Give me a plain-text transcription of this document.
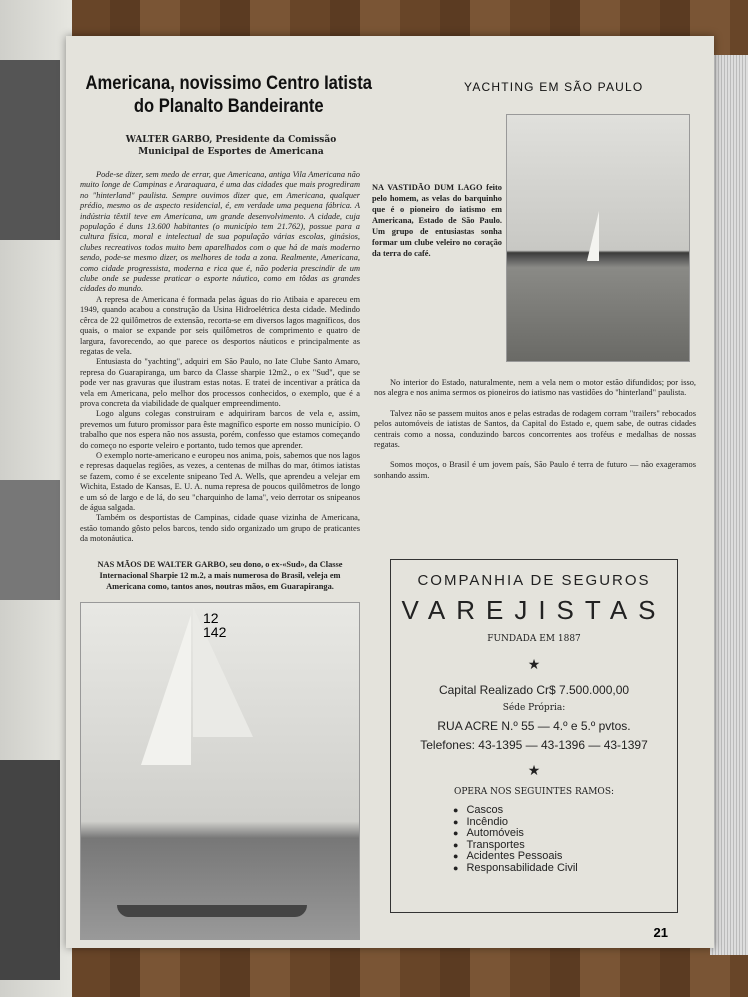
YACHTING EM SÃO PAULO
Americana, novissimo Centro Iatista do Planalto Bandeirante
WALTER GARBO, Presidente da Comissão Municipal de Esportes de Americana

Pode-se dizer, sem medo de errar, que Americana, antiga Vila Americana não muito longe de Campinas e Araraquara, é uma das cidades que mais progrediram no "hinterland" paulista. Sempre ouvimos dizer que, em Americana, qualquer prédio, mesmo os de aspecto residencial, é, em verdade uma pequena fábrica. A indústria têxtil teve em Americana, um grande desenvolvimento. A cidade, cuja população é duns 13.600 habitantes (o município tem 21.762), possue para a cultura física, moral e intelectual de sua população várias escolas, ginásios, clubes recreativos todos muito bem aparelhados com o que há de mais moderno sendo, pode-se mesmo dizer, os melhores de toda a zona. Realmente, Americana, como cidade progressista, moderna e rica que é, não poderia prescindir de um clube onde se pudesse praticar o esporte náutico, como em tôdas as grandes cidades do mundo.

A represa de Americana é formada pelas águas do rio Atibaia e apareceu em 1949, quando acabou a construção da Usina Hidroelétrica desta cidade. Medindo cêrca de 22 quilômetros de extensão, recorta-se em diversos lagos magníficos, dos quais, o maior se expande por seis quilômetros de comprimento e quatro de largura, favorecendo, ao que parece os desportos náuticos e principalmente as regatas de vela.

Entusiasta do "yachting", adquiri em São Paulo, no Iate Clube Santo Amaro, represa do Guarapiranga, um barco da Classe sharpie 12m2., o ex "Sud", que se pode ver nas gravuras que ilustram estas notas. E tratei de incentivar a prática da vela em Americana, pelo melhor dos processos conhecidos, o exemplo, que é a prova concreta da viabilidade de qualquer empreendimento.

Logo alguns colegas construiram e adquiriram barcos de vela e, assim, prevemos um futuro promissor para êste magnífico esporte em nosso município. O trabalho que nos espera não nos assusta, porém, confesso que estamos começando do começo no esporte veleiro e portanto, tudo temos que aprender.

O exemplo norte-americano e europeu nos anima, pois, sabemos que nos lagos e represas daquelas regiões, as vezes, a centenas de milhas do mar, ótimos iatistas se fazem, como é se excelente snipeano Ted A. Wells, que aprendeu a velejar em Wichita, Estado de Kansas, E. U. A. numa represa de poucos quilômetros de longo e um só de largo e de lá, do seu "charquinho de lama", veio derrotar os snipeanos de água salgada.

Também os desportistas de Campinas, cidade quase vizinha de Americana, estão tomando gôsto pelos barcos, tendo sido organizado um grupo de praticantes da motonáutica.

NAS MÃOS DE WALTER GARBO, seu dono, o ex-«Sud», da Classe Internacional Sharpie 12 m.2, a mais numerosa do Brasil, veleja em Americana como, tantos anos, noutras mãos, em Guarapiranga.
12 142
NA VASTIDÃO DUM LAGO feito pelo homem, as velas do barquinho que é o pioneiro do iatismo em Americana, Estado de São Paulo. Um grupo de entusiastas sonha formar um clube veleiro no coração da terra do café.

No interior do Estado, naturalmente, nem a vela nem o motor estão difundidos; por isso, nos alegra e nos anima sermos os pioneiros do iatismo nas vastidões do "hinterland" paulista.

Talvez não se passem muitos anos e pelas estradas de rodagem corram "trailers" rebocados pelos automóveis de iatistas de Santos, da Capital do Estado e, quem sabe, de outras cidades centrais como a nossa, conduzindo barcos concorrentes aos troféus e medalhas de nossas regatas.

Somos moços, o Brasil é um jovem país, São Paulo é terra de futuro — não exageramos sonhando assim.

COMPANHIA DE SEGUROS
VAREJISTAS
FUNDADA EM 1887
★
Capital Realizado Cr$ 7.500.000,00
Séde Própria:
RUA ACRE N.º 55 — 4.º e 5.º pvtos.
Telefones: 43-1395 — 43-1396 — 43-1397
★
OPERA NOS SEGUINTES RAMOS:
● Cascos
● Incêndio
● Automóveis
● Transportes
● Acidentes Pessoais
● Responsabilidade Civil
21
